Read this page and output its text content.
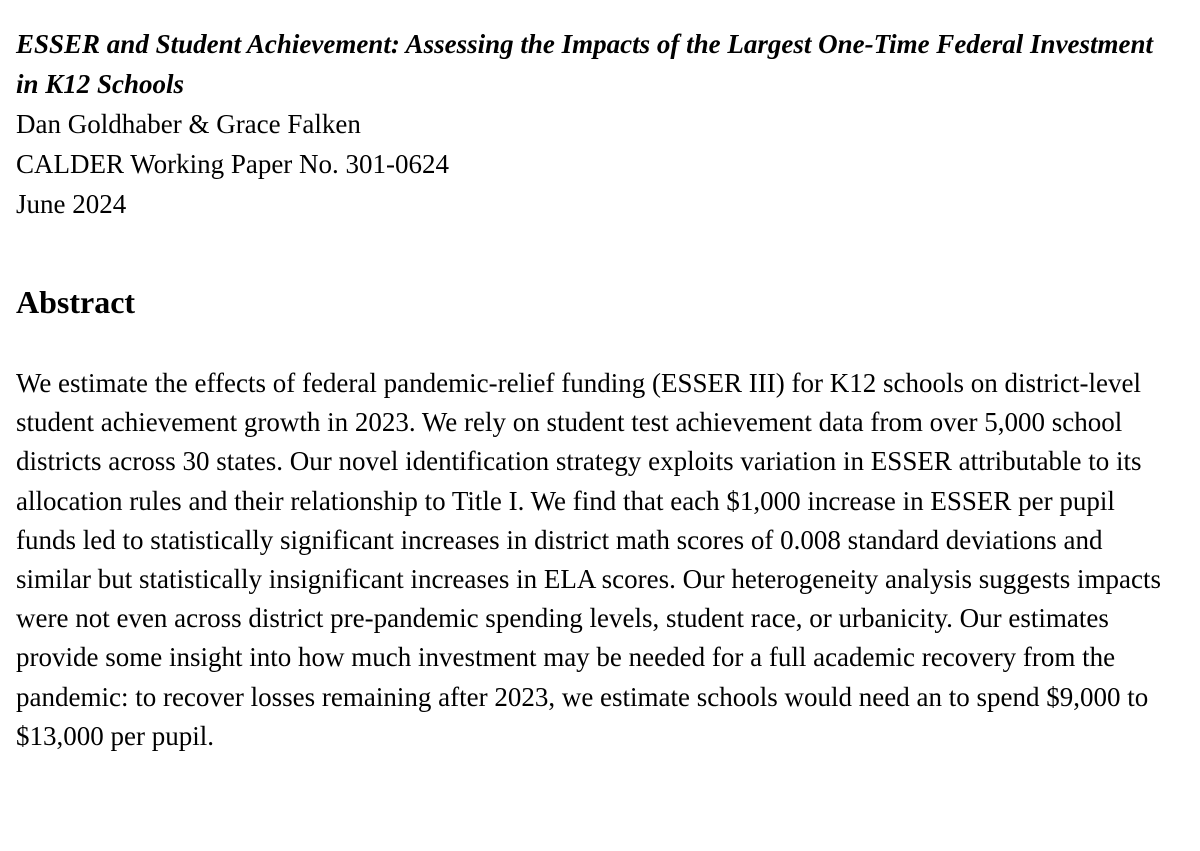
ESSER and Student Achievement: Assessing the Impacts of the Largest One-Time Federal Investment in K12 Schools

Dan Goldhaber & Grace Falken

CALDER Working Paper No. 301-0624

June 2024

Abstract

We estimate the effects of federal pandemic-relief funding (ESSER III) for K12 schools on district-level student achievement growth in 2023. We rely on student test achievement data from over 5,000 school districts across 30 states. Our novel identification strategy exploits variation in ESSER attributable to its allocation rules and their relationship to Title I. We find that each $1,000 increase in ESSER per pupil funds led to statistically significant increases in district math scores of 0.008 standard deviations and similar but statistically insignificant increases in ELA scores. Our heterogeneity analysis suggests impacts were not even across district pre-pandemic spending levels, student race, or urbanicity. Our estimates provide some insight into how much investment may be needed for a full academic recovery from the pandemic: to recover losses remaining after 2023, we estimate schools would need an to spend $9,000 to $13,000 per pupil.
